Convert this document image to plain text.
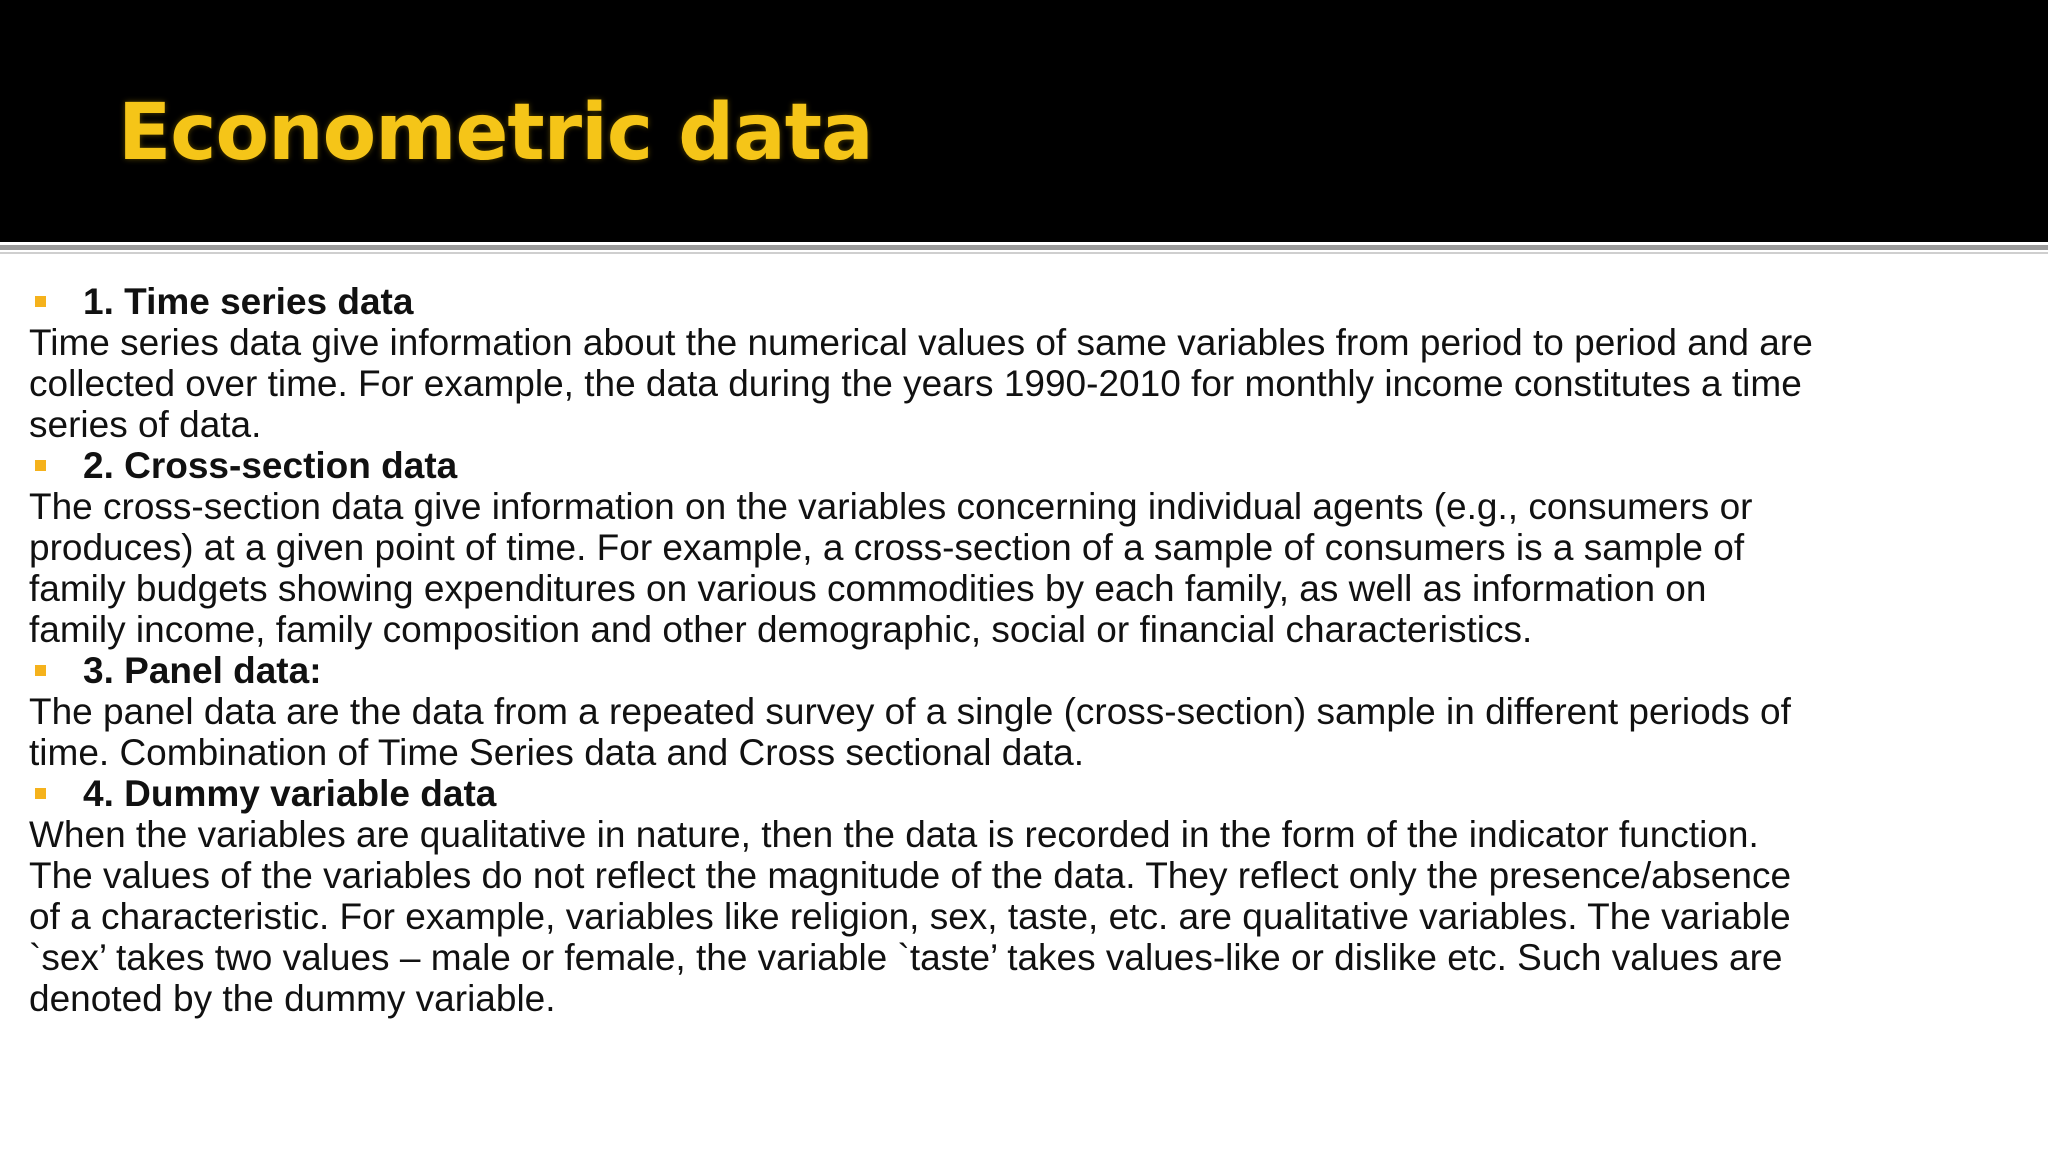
Econometric data
1. Time series data

Time series data give information about the numerical values of same variables from period to period and are

collected over time. For example, the data during the years 1990-2010 for monthly income constitutes a time

series of data.

2. Cross-section data

The cross-section data give information on the variables concerning individual agents (e.g., consumers or

produces) at a given point of time. For example, a cross-section of a sample of consumers is a sample of

family budgets showing expenditures on various commodities by each family, as well as information on

family income, family composition and other demographic, social or financial characteristics.

3. Panel data:

The panel data are the data from a repeated survey of a single (cross-section) sample in different periods of

time. Combination of Time Series data and Cross sectional data.

4. Dummy variable data

When the variables are qualitative in nature, then the data is recorded in the form of the indicator function.

The values of the variables do not reflect the magnitude of the data. They reflect only the presence/absence

of a characteristic. For example, variables like religion, sex, taste, etc. are qualitative variables. The variable

`sex’ takes two values – male or female, the variable `taste’ takes values-like or dislike etc. Such values are

denoted by the dummy variable.
